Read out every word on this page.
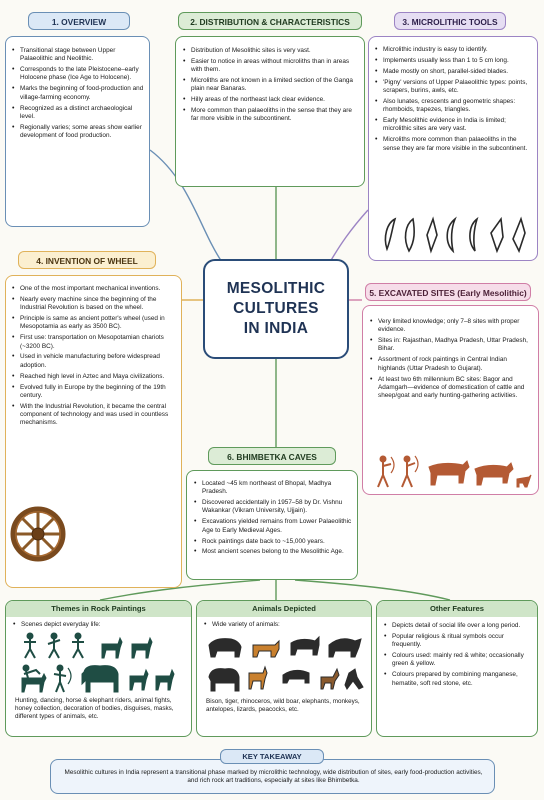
• Transitional stage between Upper Palaeolithic and Neolithic.
• Corresponds to the late Pleistocene–early Holocene phase (Ice Age to Holocene).
• Marks the beginning of food-production and village-farming economy.
• Recognized as a distinct archaeological level.
• Regionally varies; some areas show earlier development of food production.
1. OVERVIEW
• Distribution of Mesolithic sites is very vast.
• Easier to notice in areas without microliths than in areas with them.
• Microliths are not known in a limited section of the Ganga plain near Banaras.
• Hilly areas of the northeast lack clear evidence.
• More common than palaeoliths in the sense that they are far more visible in the subcontinent.
2. DISTRIBUTION & CHARACTERISTICS
• Microlithic industry is easy to identify.
• Implements usually less than 1 to 5 cm long.
• Made mostly on short, parallel-sided blades.
• 'Pigny' versions of Upper Palaeolithic types: points, scrapers, burins, awls, etc.
• Also lunates, crescents and geometric shapes: rhomboids, trapezes, triangles.
• Early Mesolithic evidence in India is limited; microlithic sites are very vast.
• Microliths more common than palaeoliths in the sense they are far more visible in the subcontinent.
3. MICROLITHIC TOOLS
MESOLITHIC
CULTURES
IN INDIA
• One of the most important mechanical inventions.
• Nearly every machine since the beginning of the Industrial Revolution is based on the wheel.
• Principle is same as ancient potter's wheel (used in Mesopotamia as early as 3500 BC).
• First use: transportation on Mesopotamian chariots (~3200 BC).
• Used in vehicle manufacturing before widespread adoption.
• Reached high level in Aztec and Maya civilizations.
• Evolved fully in Europe by the beginning of the 19th century.
• With the Industrial Revolution, it became the central component of technology and was used in countless mechanisms.
4. INVENTION OF WHEEL
• Very limited knowledge; only 7–8 sites with proper evidence.
• Sites in: Rajasthan, Madhya Pradesh, Uttar Pradesh, Bihar.
• Assortment of rock paintings in Central Indian highlands (Uttar Pradesh to Gujarat).
• At least two 6th millennium BC sites: Bagor and Adamgarh—evidence of domestication of cattle and sheep/goat and early hunting-gathering activities.
5. EXCAVATED SITES (Early Mesolithic)
• Located ~45 km northeast of Bhopal, Madhya Pradesh.
• Discovered accidentally in 1957–58 by Dr. Vishnu Wakankar (Vikram University, Ujjain).
• Excavations yielded remains from Lower Palaeolithic Age to Early Medieval Ages.
• Rock paintings date back to ~15,000 years.
• Most ancient scenes belong to the Mesolithic Age.
6. BHIMBETKA CAVES
Themes in Rock Paintings
• Scenes depict everyday life:
Hunting, dancing, horse & elephant riders, animal fights, honey collection, decoration of bodies, disguises, masks, different types of animals, etc.
Animals Depicted
• Wide variety of animals:
Bison, tiger, rhinoceros, wild boar, elephants, monkeys, antelopes, lizards, peacocks, etc.
Other Features
• Depicts detail of social life over a long period.
• Popular religious & ritual symbols occur frequently.
• Colours used: mainly red & white; occasionally green & yellow.
• Colours prepared by combining manganese, hematite, soft red stone, etc.
Mesolithic cultures in India represent a transitional phase marked by microlithic technology, wide distribution of sites, early food-production activities, and rich rock art traditions, especially at sites like Bhimbetka.
KEY TAKEAWAY
